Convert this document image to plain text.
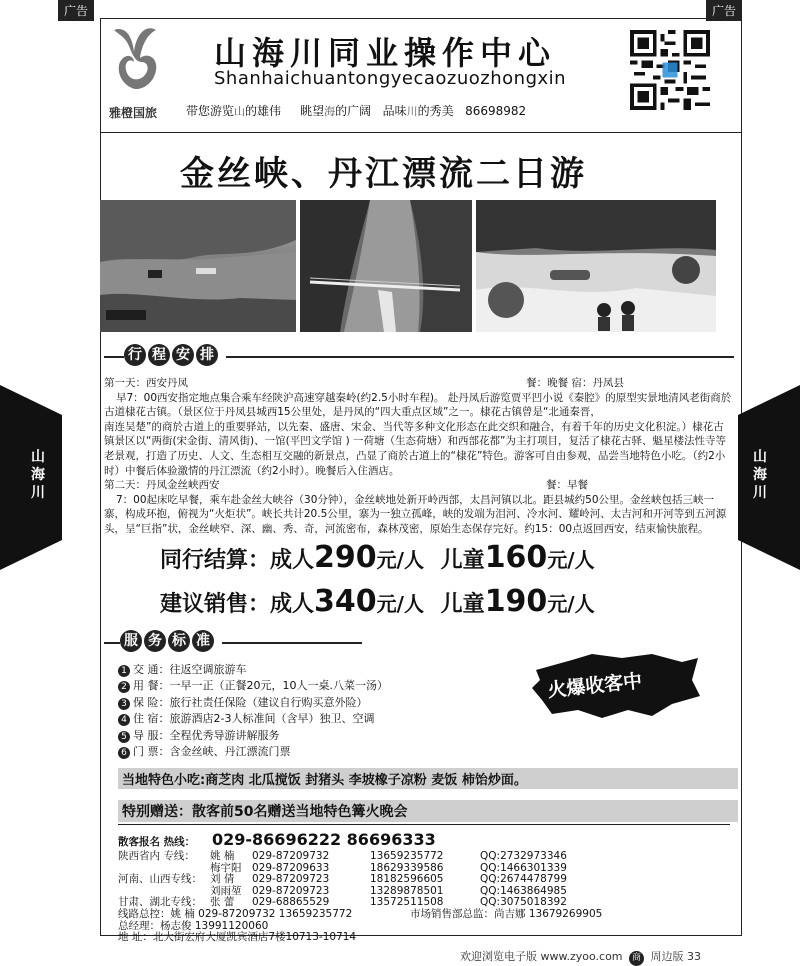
广告	广告
雅橙国旅
山海川同业操作中心
Shanhaichuantongyecaozuozhongxin
带您游览山的雄伟 眺望海的广阔 品味川的秀美 86698982
金丝峡、丹江漂流二日游
行 程 安 排
第一天：西安丹凤	餐：晚餐 宿：丹凤县

早7：00西安指定地点集合乘车经陕沪高速穿越秦岭(约2.5小时车程)。 赴丹凤后游览贾平凹小说《秦腔》的原型实景地清风老街商於古道棣花古镇。（景区位于丹凤县城西15公里处，是丹凤的“四大重点区域”之一。棣花古镇曾是“北通秦晋，

南连吴楚”的商於古道上的重要驿站，以先秦、盛唐、宋金、当代等多种文化形态在此交织和融合，有着千年的历史文化积淀。）棣花古镇景区以“两街(宋金街、清风街)、一馆(平凹文学馆 ) 一荷塘（生态荷塘）和西部花都”为主打项目，复活了棣花古驿、魁星楼法性寺等老景观，打造了历史、人文、生态相互交融的新景点，凸显了商於古道上的“棣花”特色。游客可自由参观，品尝当地特色小吃。（约2小时）中餐后体验激情的丹江漂流（约2小时）。晚餐后入住酒店。

第二天：丹凤金丝峡西安	餐：早餐

7：00起床吃早餐，乘车赴金丝大峡谷（30分钟），金丝峡地处新开岭西部，太昌河镇以北。距县城约50公里。金丝峡包括三峡一寨，构成环抱，俯视为“火炬状”。峡长共计20.5公里，寨为一独立孤峰，峡的发端为泪河、冷水河、耀岭河、太吉河和开河等到五河源头，呈“巨指”状，金丝峡窄、深、幽、秀、奇，河流密布，森林茂密，原始生态保存完好。约15：00点返回西安，结束愉快旅程。

同行结算：成人290元/人 儿童160元/人
建议销售：成人340元/人 儿童190元/人
服 务 标 准
1 交 通：往返空调旅游车
2 用 餐：一早一正（正餐20元，10人一桌.八菜一汤）
3 保 险：旅行社责任保险（建议自行购买意外险）
4 住 宿：旅游酒店2-3人标准间（含早）独卫、空调
5 导 服：全程优秀导游讲解服务
6 门 票：含金丝峡、丹江漂流门票
火爆收客中
当地特色小吃:商芝肉 北瓜搅饭 封猪头 李坡橡子凉粉 麦饭 柿饴炒面。
特别赠送：散客前50名赠送当地特色篝火晚会
散客报名 热线： 029-86696222 86696333
陕西省内 专线： 姚 楠 029-87209732	13659235772	QQ:2732973346
梅宇阳 029-87209633	18629339586	QQ:1466301339
河南、山西专线： 刘 倩 029-87209723	18182596605	QQ:2674478799
刘雨堃 029-87209723	13289878501	QQ:1463864985
甘肃、湖北专线： 张 蕾 029-68865529	13572511508	QQ:3075018392
线路总控：姚 楠 029-87209732 13659235772	市场销售部总监：尚吉娜 13679269905
总经理：杨志俊 13991120060
地 址：北大街宏府大厦凯宾酒店7楼10713-10714
山
海
川
山
海
川
欢迎浏览电子版 www.zyoo.com 商 周边版 33
